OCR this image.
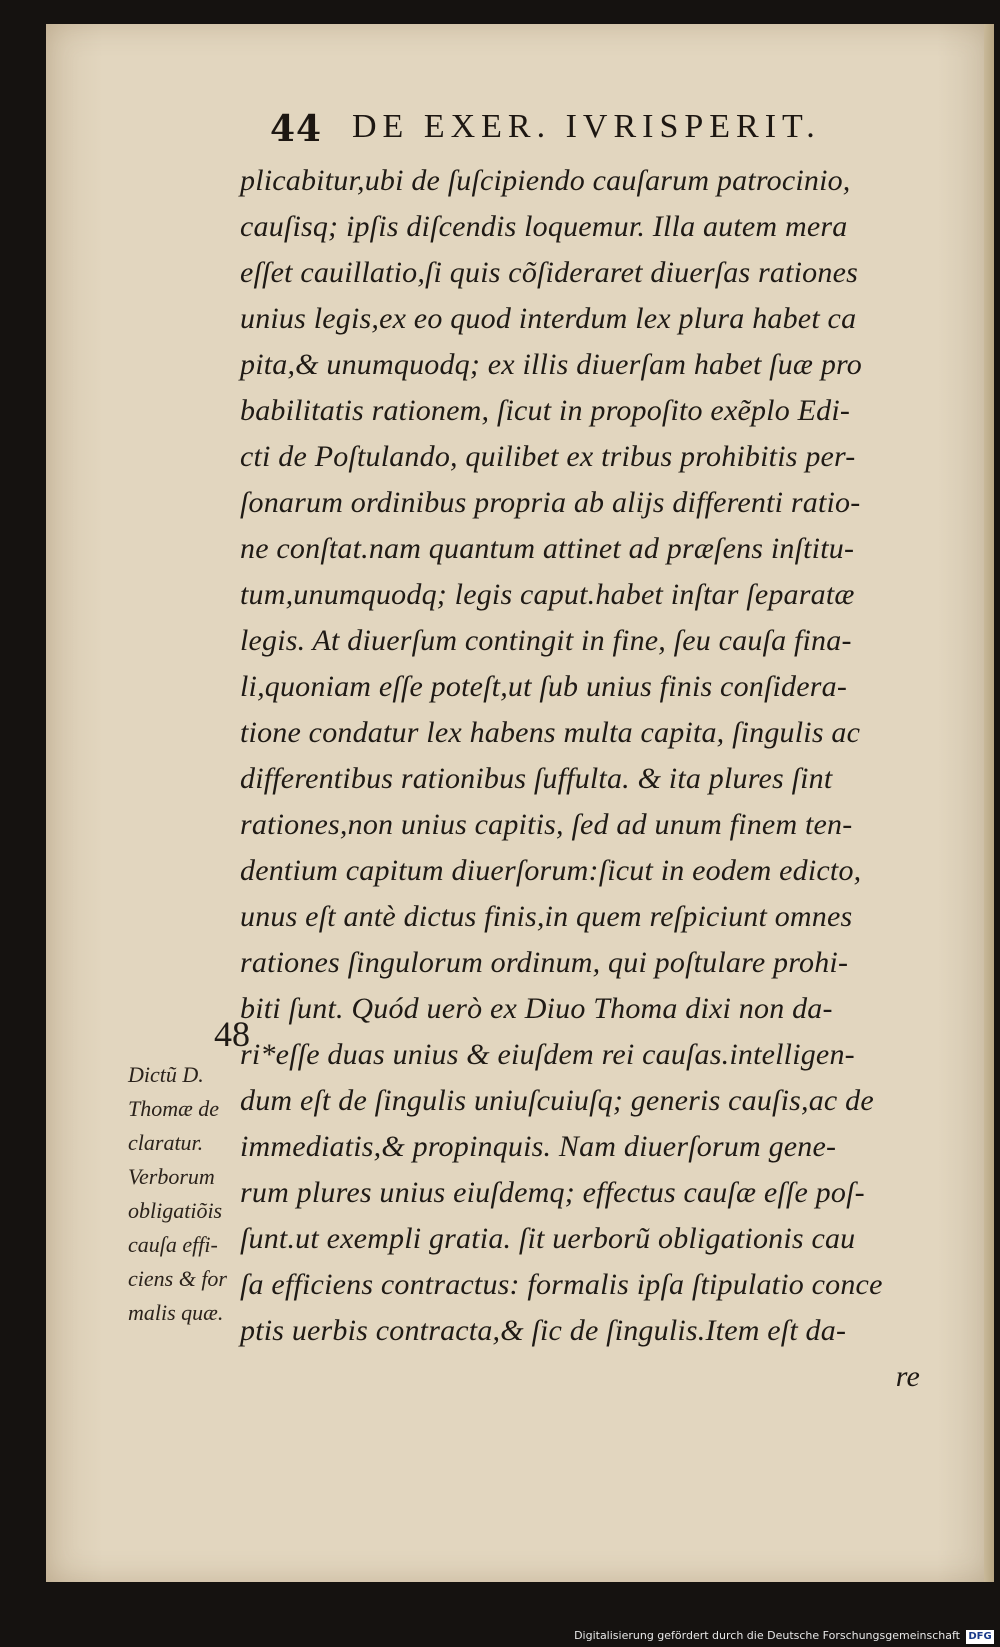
44 DE EXER. IVRISPERIT.
plicabitur,ubi de ſuſcipiendo cauſarum patrocinio,
cauſisq; ipſis diſcendis loquemur. Illa autem mera
eſſet cauillatio,ſi quis cõſideraret diuerſas rationes
unius legis,ex eo quod interdum lex plura habet ca
pita,& unumquodq; ex illis diuerſam habet ſuæ pro
babilitatis rationem, ſicut in propoſito exẽplo Edi-
cti de Poſtulando, quilibet ex tribus prohibitis per-
ſonarum ordinibus propria ab alijs differenti ratio-
ne conſtat.nam quantum attinet ad præſens inſtitu-
tum,unumquodq; legis caput.habet inſtar ſeparatæ
legis. At diuerſum contingit in fine, ſeu cauſa fina-
li,quoniam eſſe poteſt,ut ſub unius finis conſidera-
tione condatur lex habens multa capita, ſingulis ac
differentibus rationibus ſuffulta. & ita plures ſint
rationes,non unius capitis, ſed ad unum finem ten-
dentium capitum diuerſorum:ſicut in eodem edicto,
unus eſt antè dictus finis,in quem reſpiciunt omnes
rationes ſingulorum ordinum, qui poſtulare prohi-
biti ſunt. Quód uerò ex Diuo Thoma dixi non da-
ri*eſſe duas unius & eiuſdem rei cauſas.intelligen-
dum eſt de ſingulis uniuſcuiuſq; generis cauſis,ac de
immediatis,& propinquis. Nam diuerſorum gene-
rum plures unius eiuſdemq; effectus cauſæ eſſe poſ-
ſunt.ut exempli gratia. ſit uerborũ obligationis cau
ſa efficiens contractus: formalis ipſa ſtipulatio conce
ptis uerbis contracta,& ſic de ſingulis.Item eſt da-
re
48
Dictũ D.
Thomæ de
claratur.
Verborum
obligatiõis
cauſa effi-
ciens & for
malis quæ.
Digitalisierung gefördert durch die Deutsche Forschungsgemeinschaft DFG
